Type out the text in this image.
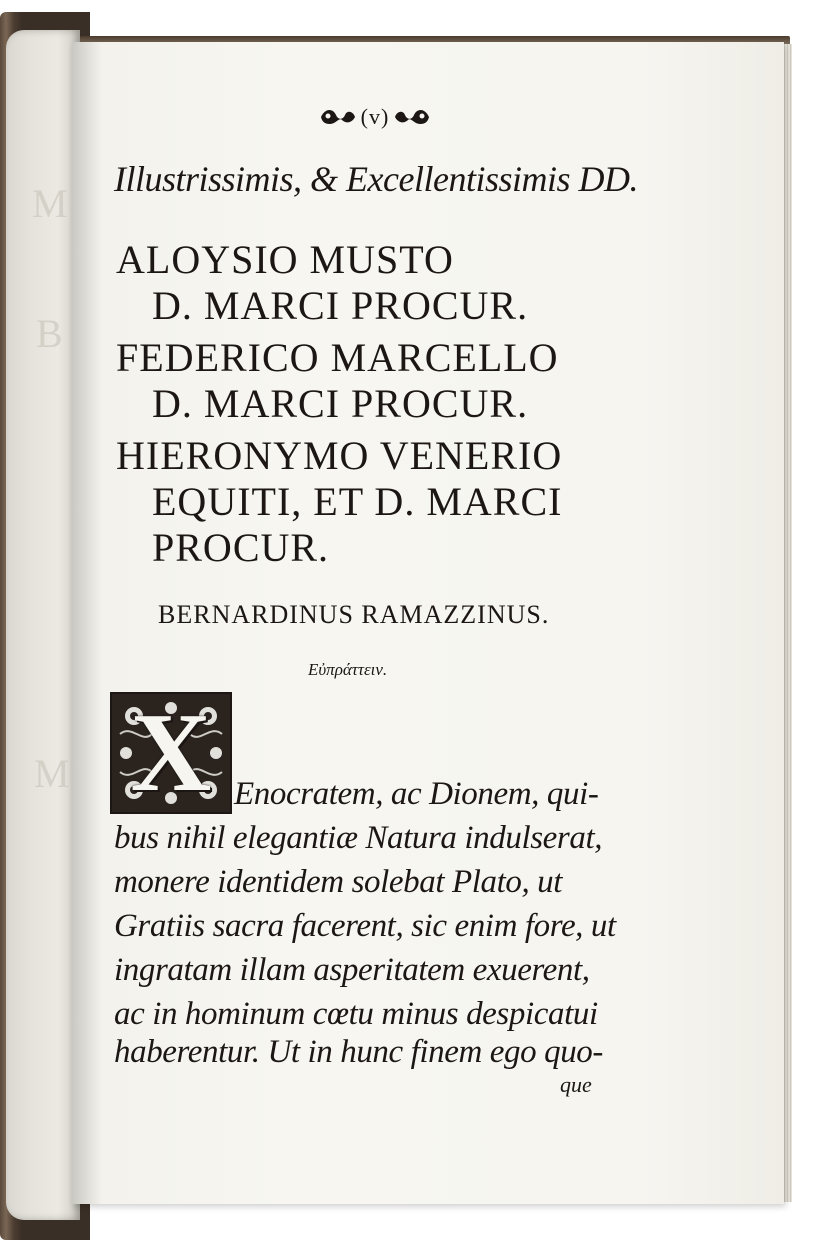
M
B
M
(v)
Illustrissimis, & Excellentissimis DD.
ALOYSIO MUSTO
D. MARCI PROCUR.
FEDERICO MARCELLO
D. MARCI PROCUR.
HIERONYMO VENERIO
EQUITI, ET D. MARCI
PROCUR.
BERNARDINUS RAMAZZINUS.
Εὐπράττειν.
X Enocratem, ac Dionem, qui-
bus nihil elegantiæ Natura indulserat,
monere identidem solebat Plato, ut
Gratiis sacra facerent, sic enim fore, ut
ingratam illam asperitatem exuerent,
ac in hominum cœtu minus despicatui
haberentur. Ut in hunc finem ego quo-
que
